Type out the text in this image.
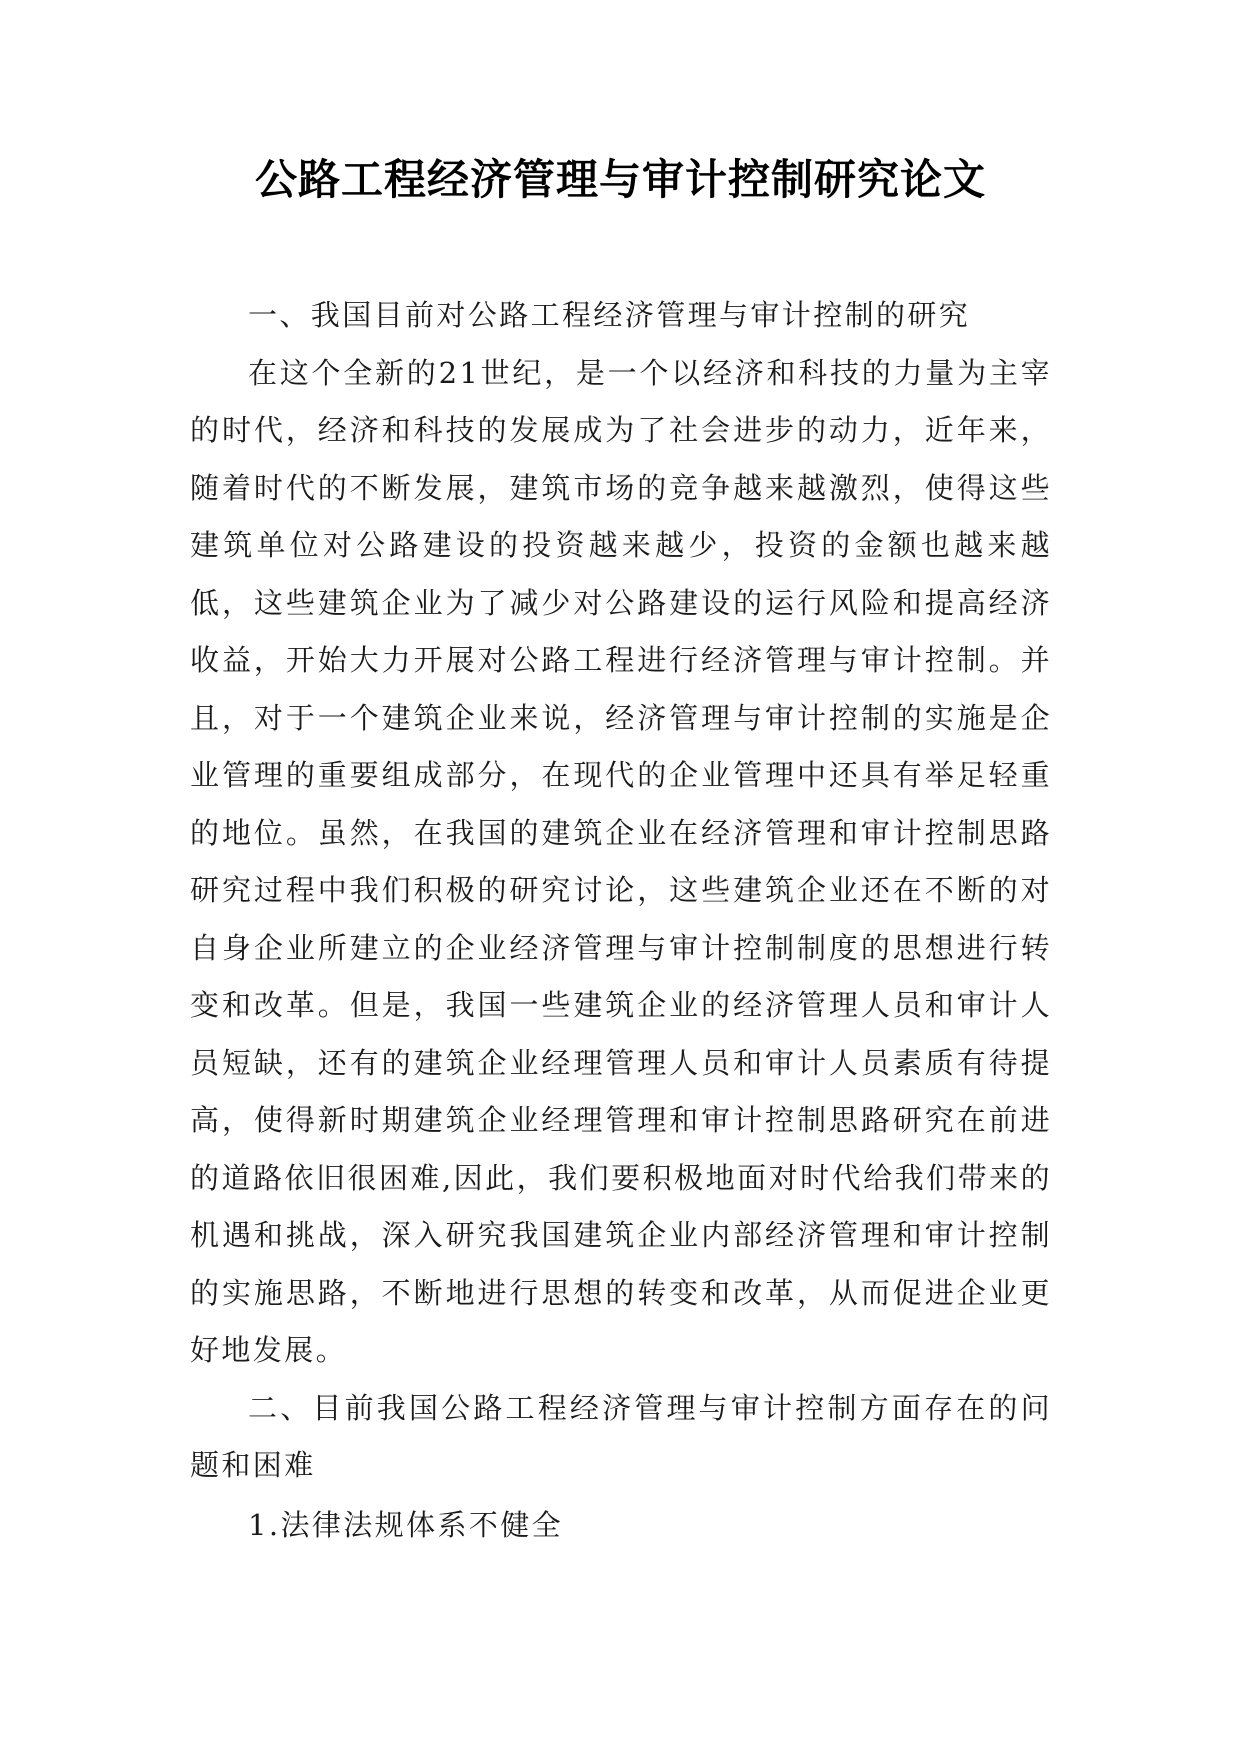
公路工程经济管理与审计控制研究论文

一、我国目前对公路工程经济管理与审计控制的研究

在这个全新的21世纪，是一个以经济和科技的力量为主宰的时代，经济和科技的发展成为了社会进步的动力，近年来，随着时代的不断发展，建筑市场的竞争越来越激烈，使得这些建筑单位对公路建设的投资越来越少，投资的金额也越来越低，这些建筑企业为了减少对公路建设的运行风险和提高经济收益，开始大力开展对公路工程进行经济管理与审计控制。并且，对于一个建筑企业来说，经济管理与审计控制的实施是企业管理的重要组成部分，在现代的企业管理中还具有举足轻重的地位。虽然，在我国的建筑企业在经济管理和审计控制思路研究过程中我们积极的研究讨论，这些建筑企业还在不断的对自身企业所建立的企业经济管理与审计控制制度的思想进行转变和改革。但是，我国一些建筑企业的经济管理人员和审计人员短缺，还有的建筑企业经理管理人员和审计人员素质有待提高，使得新时期建筑企业经理管理和审计控制思路研究在前进的道路依旧很困难,因此，我们要积极地面对时代给我们带来的机遇和挑战，深入研究我国建筑企业内部经济管理和审计控制的实施思路，不断地进行思想的转变和改革，从而促进企业更好地发展。

二、目前我国公路工程经济管理与审计控制方面存在的问题和困难

1.法律法规体系不健全
